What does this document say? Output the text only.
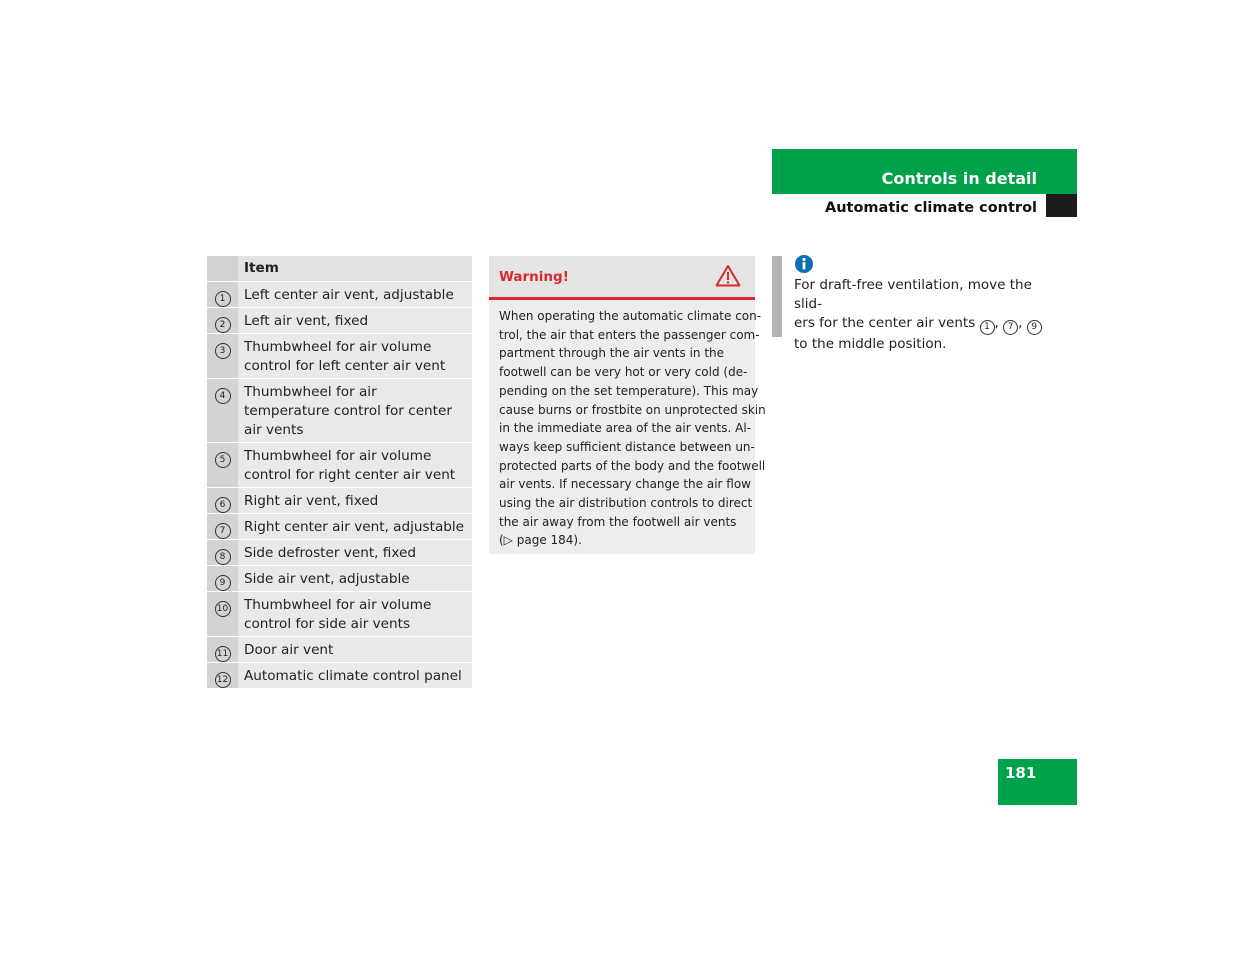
Controls in detail
Automatic climate control
	Item
1	Left center air vent, adjustable
2	Left air vent, fixed
3	Thumbwheel for air volume control for left center air vent
4	Thumbwheel for air temperature control for center air vents
5	Thumbwheel for air volume control for right center air vent
6	Right air vent, fixed
7	Right center air vent, adjustable
8	Side defroster vent, fixed
9	Side air vent, adjustable
10	Thumbwheel for air volume control for side air vents
11	Door air vent
12	Automatic climate control panel
Warning!
When operating the automatic climate con-
trol, the air that enters the passenger com-
partment through the air vents in the
footwell can be very hot or very cold (de-
pending on the set temperature). This may
cause burns or frostbite on unprotected skin
in the immediate area of the air vents. Al-
ways keep sufficient distance between un-
protected parts of the body and the footwell
air vents. If necessary change the air flow
using the air distribution controls to direct
the air away from the footwell air vents
(▷ page 184).
For draft-free ventilation, move the slid-
ers for the center air vents 1 , 7 , 9
to the middle position.
181
